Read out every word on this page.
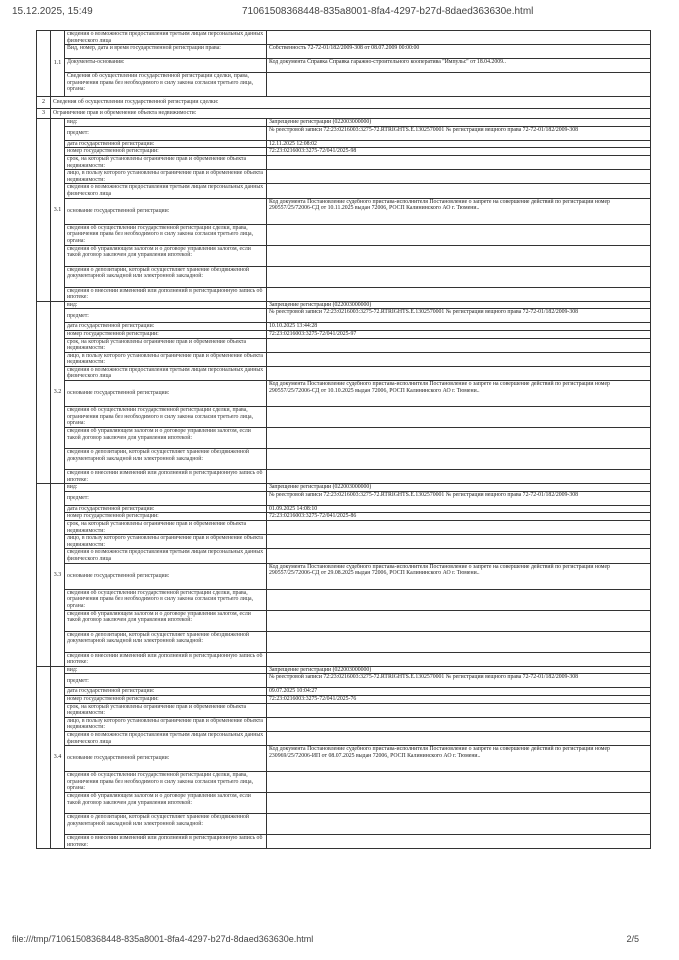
15.12.2025, 15:49	71061508368448-835a8001-8fa4-4297-b27d-8daed363630e.html
	1.1	сведения о возможности предоставления третьим лицам персональных данных физического лица	
		Вид, номер, дата и время государственной регистрации права:	Собственность 72-72-01/182/2009-308 от 08.07.2009 00:00:00
		Документы-основания:	Код документа Справка Справка гаражно-строительного кооператива "Импульс" от 18.04.2009..
		Сведения об осуществлении государственной регистрации сделки, права, ограничения права без необходимого в силу закона согласия третьего лица, органа:	
2	Сведения об осуществлении государственной регистрации сделки:		
3	Ограничение прав и обременение объекта недвижимости:		
	3.1	вид:	Запрещение регистрации (022003000000)
		предмет:	№ реестровой записи 72:23:0216003:3275-72.RTRIGHTS.E.1302570001 № регистрации вещного права 72-72-01/182/2009-308
		дата государственной регистрации:	12.11.2025 12:08:02
		номер государственной регистрации:	72:23:0216003:3275-72/041/2025-98
		срок, на который установлены ограничение прав и обременение объекта недвижимости:	
		лицо, в пользу которого установлены ограничение прав и обременение объекта недвижимости:	
		сведения о возможности предоставления третьим лицам персональных данных физического лица	
		основание государственной регистрации:	Код документа Постановление судебного пристава-исполнителя Постановление о запрете на совершение действий по регистрации номер 290557/25/72006-СД от 10.11.2025 выдан 72006, РОСП Калининского АО г. Тюмени..
		сведения об осуществлении государственной регистрации сделки, права, ограничения права без необходимого в силу закона согласия третьего лица, органа:	
		сведения об управляющем залогом и о договоре управления залогом, если такой договор заключен для управления ипотекой:	
		сведения о депозитарии, который осуществляет хранение обездвиженной документарной закладной или электронной закладной:	
		сведения о внесении изменений или дополнений в регистрационную запись об ипотеке:	
	3.2	вид:	Запрещение регистрации (022003000000)
		предмет:	№ реестровой записи 72:23:0216003:3275-72.RTRIGHTS.E.1302570001 № регистрации вещного права 72-72-01/182/2009-308
		дата государственной регистрации:	10.10.2025 13:44:28
		номер государственной регистрации:	72:23:0216003:3275-72/041/2025-97
		срок, на который установлены ограничение прав и обременение объекта недвижимости:	
		лицо, в пользу которого установлены ограничение прав и обременение объекта недвижимости:	
		сведения о возможности предоставления третьим лицам персональных данных физического лица	
		основание государственной регистрации:	Код документа Постановление судебного пристава-исполнителя Постановление о запрете на совершение действий по регистрации номер 290557/25/72006-СД от 10.10.2025 выдан 72006, РОСП Калининского АО г. Тюмени..
		сведения об осуществлении государственной регистрации сделки, права, ограничения права без необходимого в силу закона согласия третьего лица, органа:	
		сведения об управляющем залогом и о договоре управления залогом, если такой договор заключен для управления ипотекой:	
		сведения о депозитарии, который осуществляет хранение обездвиженной документарной закладной или электронной закладной:	
		сведения о внесении изменений или дополнений в регистрационную запись об ипотеке:	
	3.3	вид:	Запрещение регистрации (022003000000)
		предмет:	№ реестровой записи 72:23:0216003:3275-72.RTRIGHTS.E.1302570001 № регистрации вещного права 72-72-01/182/2009-308
		дата государственной регистрации:	01.09.2025 14:08:10
		номер государственной регистрации:	72:23:0216003:3275-72/041/2025-86
		срок, на который установлены ограничение прав и обременение объекта недвижимости:	
		лицо, в пользу которого установлены ограничение прав и обременение объекта недвижимости:	
		сведения о возможности предоставления третьим лицам персональных данных физического лица	
		основание государственной регистрации:	Код документа Постановление судебного пристава-исполнителя Постановление о запрете на совершение действий по регистрации номер 290557/25/72006-СД от 29.08.2025 выдан 72006, РОСП Калининского АО г. Тюмени..
		сведения об осуществлении государственной регистрации сделки, права, ограничения права без необходимого в силу закона согласия третьего лица, органа:	
		сведения об управляющем залогом и о договоре управления залогом, если такой договор заключен для управления ипотекой:	
		сведения о депозитарии, который осуществляет хранение обездвиженной документарной закладной или электронной закладной:	
		сведения о внесении изменений или дополнений в регистрационную запись об ипотеке:	
	3.4	вид:	Запрещение регистрации (022003000000)
		предмет:	№ реестровой записи 72:23:0216003:3275-72.RTRIGHTS.E.1302570001 № регистрации вещного права 72-72-01/182/2009-308
		дата государственной регистрации:	09.07.2025 10:04:27
		номер государственной регистрации:	72:23:0216003:3275-72/041/2025-76
		срок, на который установлены ограничение прав и обременение объекта недвижимости:	
		лицо, в пользу которого установлены ограничение прав и обременение объекта недвижимости:	
		сведения о возможности предоставления третьим лицам персональных данных физического лица	
		основание государственной регистрации:	Код документа Постановление судебного пристава-исполнителя Постановление о запрете на совершение действий по регистрации номер 230969/25/72006-ИП от 08.07.2025 выдан 72006, РОСП Калининского АО г. Тюмени..
		сведения об осуществлении государственной регистрации сделки, права, ограничения права без необходимого в силу закона согласия третьего лица, органа:	
		сведения об управляющем залогом и о договоре управления залогом, если такой договор заключен для управления ипотекой:	
		сведения о депозитарии, который осуществляет хранение обездвиженной документарной закладной или электронной закладной:	
		сведения о внесении изменений или дополнений в регистрационную запись об ипотеке:	
file:///tmp/71061508368448-835a8001-8fa4-4297-b27d-8daed363630e.html	2/5
